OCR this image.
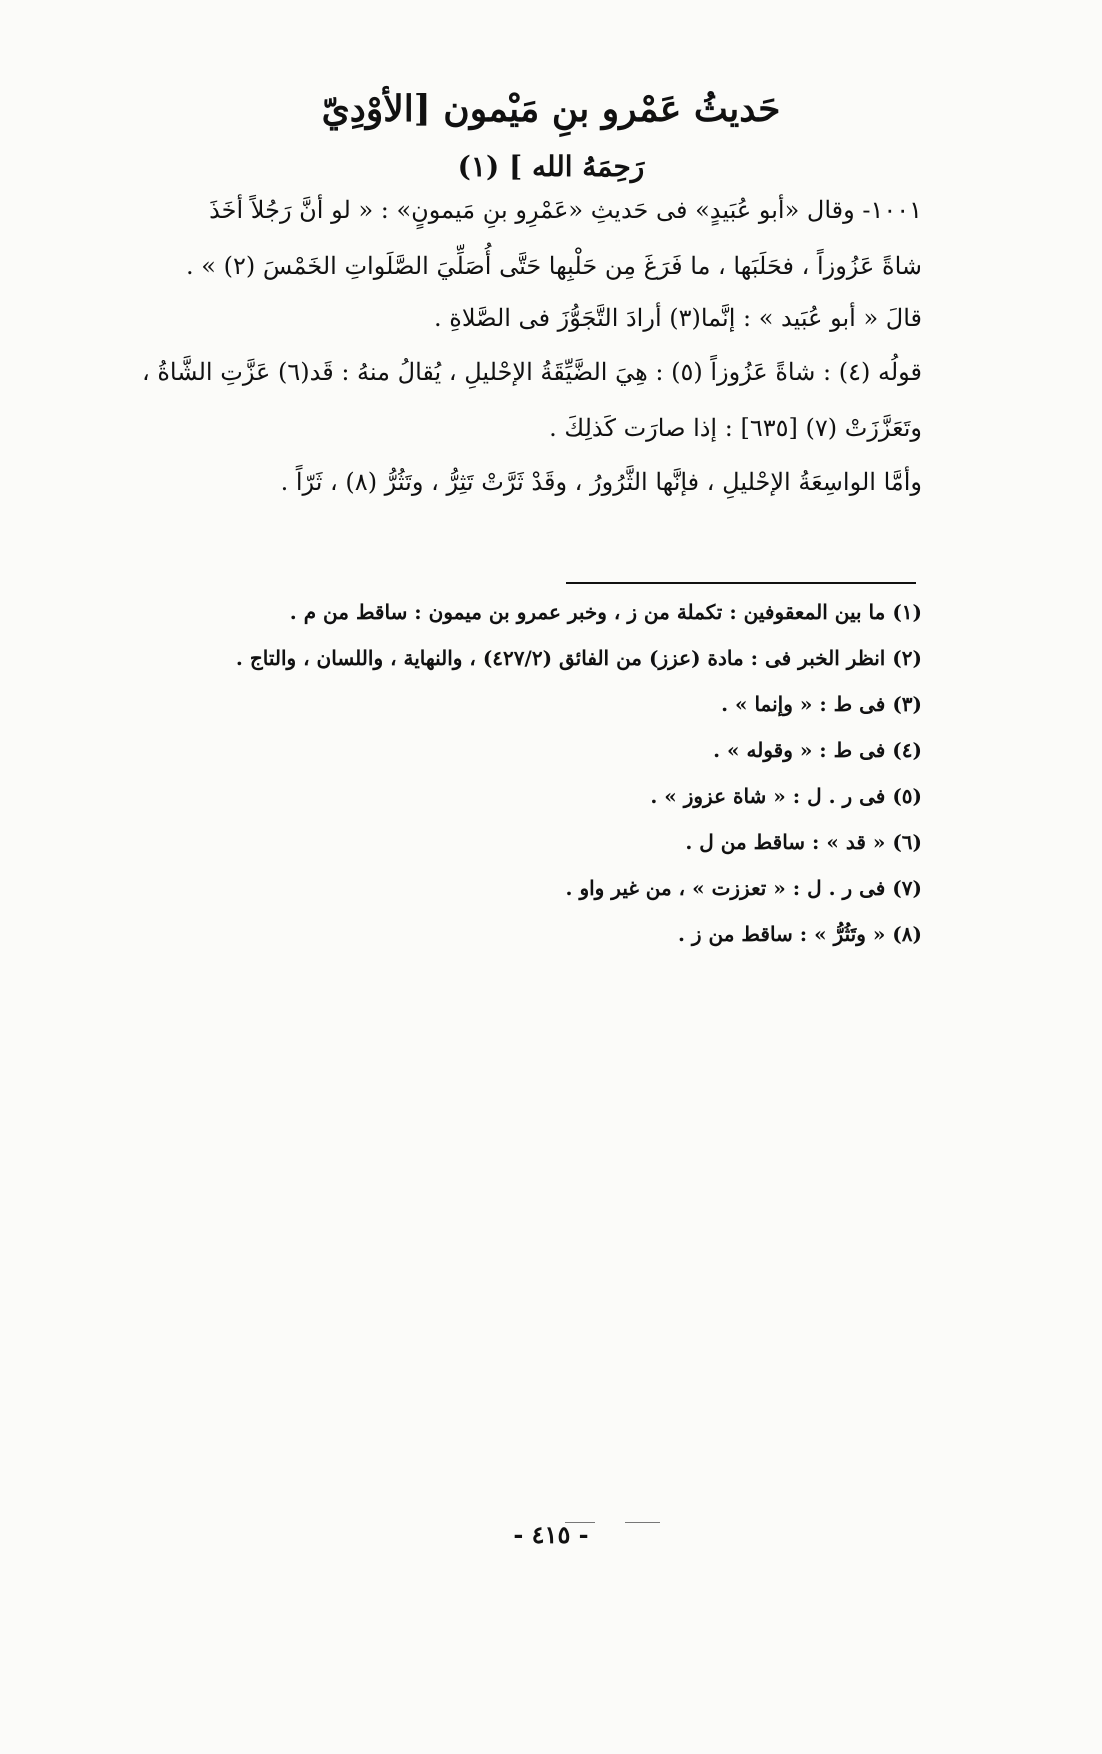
حَديثُ عَمْرو بنِ مَيْمون [الأوْدِيّ
رَحِمَهُ الله ] (١)
١٠٠١- وقال «أبو عُبَيدٍ» فى حَديثِ «عَمْرِو بنِ مَيمونٍ» : « لو أنَّ رَجُلاً أخَذَ
شاةً عَزُوزاً ، فحَلَبَها ، ما فَرَغَ مِن حَلْبِها حَتَّى أُصَلِّيَ الصَّلَواتِ الخَمْسَ (٢) » .
قالَ « أبو عُبَيد » : إنَّما(٣) أرادَ التَّجَوُّزَ فى الصَّلاةِ .
قولُه (٤) : شاةً عَزُوزاً (٥) : هِيَ الضَّيِّقَةُ الإحْليلِ ، يُقالُ منهُ : قَد(٦) عَزَّتِ الشَّاةُ ،
وتَعَزَّزَتْ (٧) [٦٣٥] : إذا صارَت كَذلِكَ .
وأمَّا الواسِعَةُ الإحْليلِ ، فإنَّها الثَّرُورُ ، وقَدْ ثَرَّتْ تَثِرُّ ، وتَثُرُّ (٨) ، ثَرّاً .
(١) ما بين المعقوفين : تكملة من ز ، وخبر عمرو بن ميمون : ساقط من م .
(٢) انظر الخبر فى : مادة (عزز) من الفائق (٤٢٧/٢) ، والنهاية ، واللسان ، والتاج .
(٣) فى ط : « وإنما » .
(٤) فى ط : « وقوله » .
(٥) فى ر . ل : « شاة عزوز » .
(٦) « قد » : ساقط من ل .
(٧) فى ر . ل : « تعززت » ، من غير واو .
(٨) « وتَثُرُّ » : ساقط من ز .
- ٤١٥ -
